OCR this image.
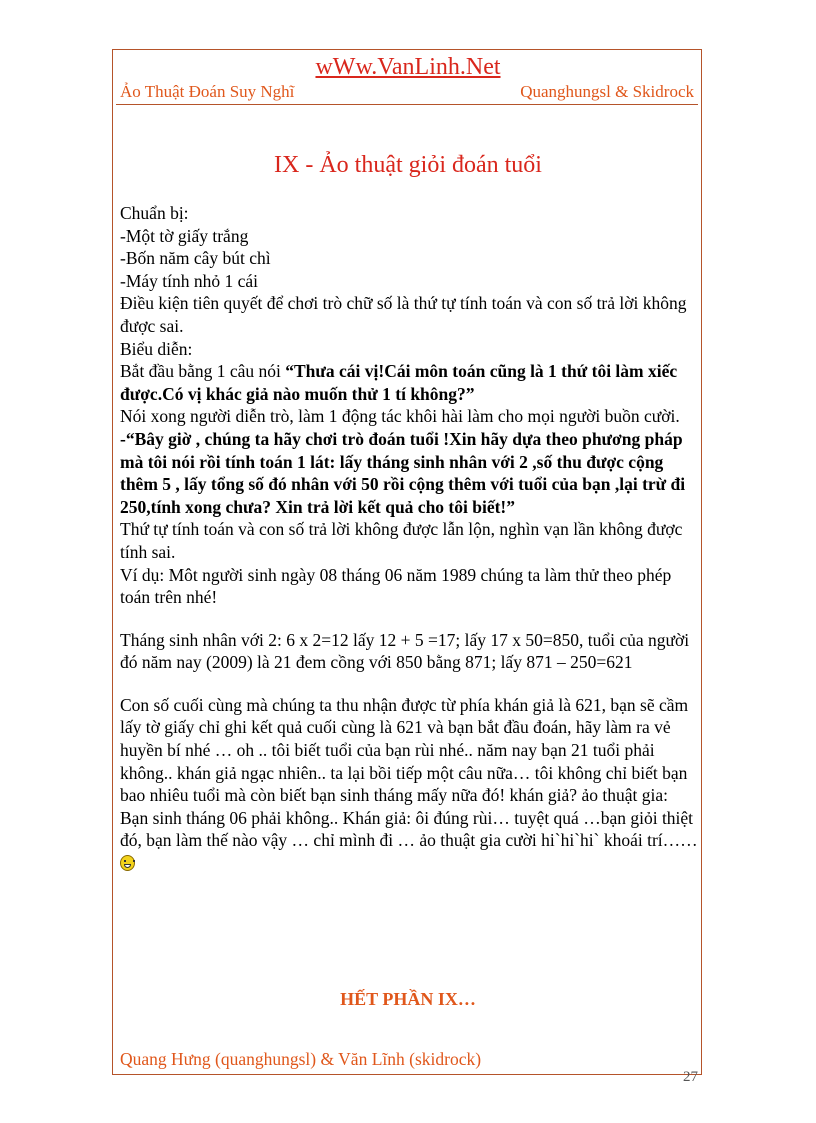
wWw.VanLinh.Net
Ảo Thuật Đoán Suy Nghĩ	Quanghungsl & Skidrock
IX - Ảo thuật giỏi đoán tuổi

Chuẩn bị:

-Một tờ giấy trắng

-Bốn năm cây bút chì

-Máy tính nhỏ 1 cái

Điều kiện tiên quyết để chơi trò chữ số là thứ tự tính toán và con số trả lời không được sai.

Biểu diễn:

Bắt đầu bằng 1 câu nói “Thưa cái vị!Cái môn toán cũng là 1 thứ tôi làm xiếc được.Có vị khác giả nào muốn thử 1 tí không?”

Nói xong người diễn trò, làm 1 động tác khôi hài làm cho mọi người buồn cười.

-“Bây giờ , chúng ta hãy chơi trò đoán tuổi !Xin hãy dựa theo phương pháp mà tôi nói rồi tính toán 1 lát: lấy tháng sinh nhân với 2 ,số thu được cộng thêm 5 , lấy tổng số đó nhân với 50 rồi cộng thêm với tuổi của bạn ,lại trừ đi 250,tính xong chưa? Xin trả lời kết quả cho tôi biết!”

Thứ tự tính toán và con số trả lời không được lẫn lộn, nghìn vạn lần không được tính sai.

Ví dụ: Môt người sinh ngày 08 tháng 06 năm 1989 chúng ta làm thử theo phép toán trên nhé!

Tháng sinh nhân với 2: 6 x 2=12 lấy 12 + 5 =17; lấy 17 x 50=850, tuổi của người đó năm nay (2009) là 21 đem cồng với 850 bằng 871; lấy 871 – 250=621

Con số cuối cùng mà chúng ta thu nhận được từ phía khán giả là 621, bạn sẽ cầm lấy tờ giấy chỉ ghi kết quả cuối cùng là 621 và bạn bắt đầu đoán, hãy làm ra vẻ huyền bí nhé … oh .. tôi biết tuổi của bạn rùi nhé.. năm nay bạn 21 tuổi phải không.. khán giả ngạc nhiên.. ta lại bồi tiếp một câu nữa… tôi không chỉ biết bạn bao nhiêu tuổi mà còn biết bạn sinh tháng mấy nữa đó! khán giả? ảo thuật gia: Bạn sinh tháng 06 phải không.. Khán giả: ôi đúng rùi… tuyệt quá …bạn giỏi thiệt đó, bạn làm thế nào vậy … chỉ mình đi … ảo thuật gia cười hi`hi`hi` khoái trí……

HẾT PHẦN IX…
Quang Hưng (quanghungsl) & Văn Lĩnh (skidrock)
27
